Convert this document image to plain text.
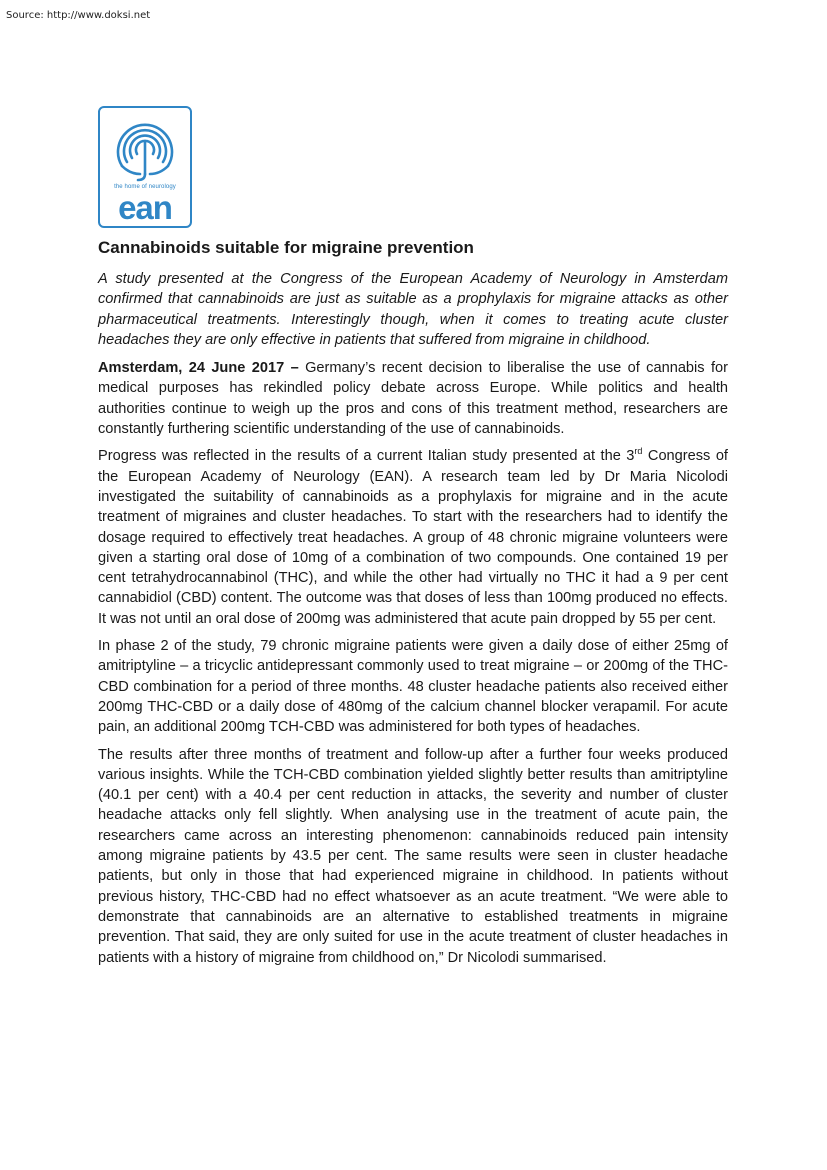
Source: http://www.doksi.net
the home of neurology
ean
Cannabinoids suitable for migraine prevention

A study presented at the Congress of the European Academy of Neurology in Amsterdam confirmed that cannabinoids are just as suitable as a prophylaxis for migraine attacks as other pharmaceutical treatments. Interestingly though, when it comes to treating acute cluster headaches they are only effective in patients that suffered from migraine in childhood.

Amsterdam, 24 June 2017 – Germany’s recent decision to liberalise the use of cannabis for medical purposes has rekindled policy debate across Europe. While politics and health authorities continue to weigh up the pros and cons of this treatment method, researchers are constantly furthering scientific understanding of the use of cannabinoids.

Progress was reflected in the results of a current Italian study presented at the 3rd Congress of the European Academy of Neurology (EAN). A research team led by Dr Maria Nicolodi investigated the suitability of cannabinoids as a prophylaxis for migraine and in the acute treatment of migraines and cluster headaches. To start with the researchers had to identify the dosage required to effectively treat headaches. A group of 48 chronic migraine volunteers were given a starting oral dose of 10mg of a combination of two compounds. One contained 19 per cent tetrahydrocannabinol (THC), and while the other had virtually no THC it had a 9 per cent cannabidiol (CBD) content. The outcome was that doses of less than 100mg produced no effects. It was not until an oral dose of 200mg was administered that acute pain dropped by 55 per cent.

In phase 2 of the study, 79 chronic migraine patients were given a daily dose of either 25mg of amitriptyline – a tricyclic antidepressant commonly used to treat migraine – or 200mg of the THC-CBD combination for a period of three months. 48 cluster headache patients also received either 200mg THC-CBD or a daily dose of 480mg of the calcium channel blocker verapamil. For acute pain, an additional 200mg TCH-CBD was administered for both types of headaches.

The results after three months of treatment and follow-up after a further four weeks produced various insights. While the TCH-CBD combination yielded slightly better results than amitriptyline (40.1 per cent) with a 40.4 per cent reduction in attacks, the severity and number of cluster headache attacks only fell slightly. When analysing use in the treatment of acute pain, the researchers came across an interesting phenomenon: cannabinoids reduced pain intensity among migraine patients by 43.5 per cent. The same results were seen in cluster headache patients, but only in those that had experienced migraine in childhood. In patients without previous history, THC-CBD had no effect whatsoever as an acute treatment. “We were able to demonstrate that cannabinoids are an alternative to established treatments in migraine prevention. That said, they are only suited for use in the acute treatment of cluster headaches in patients with a history of migraine from childhood on,” Dr Nicolodi summarised.
